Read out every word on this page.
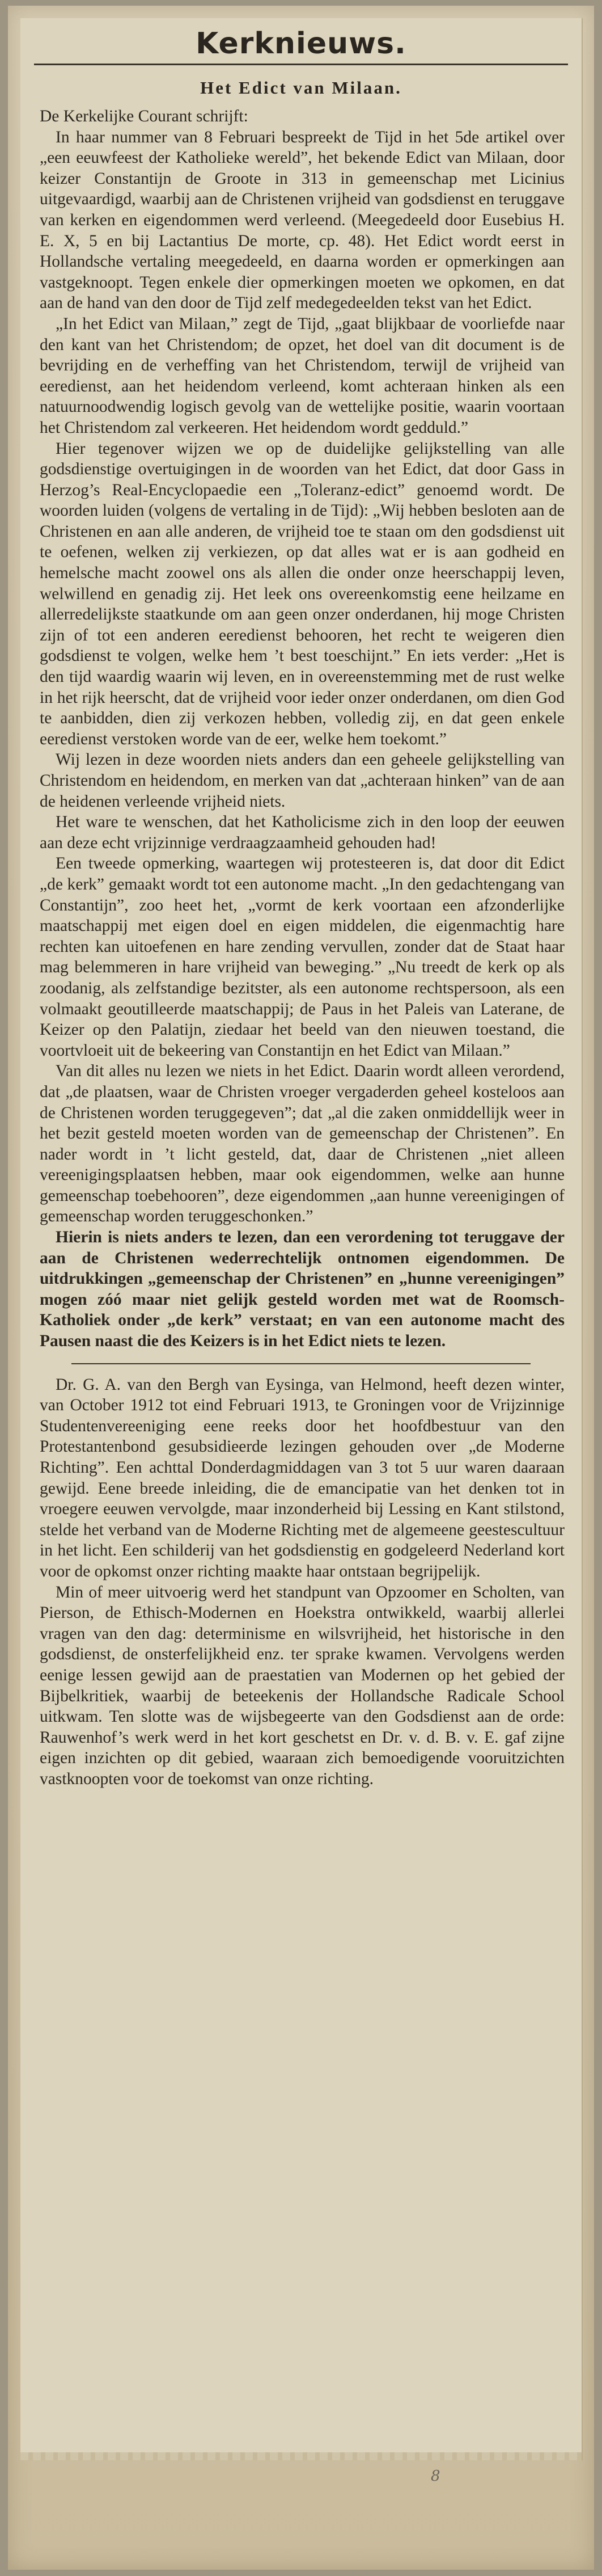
Kerknieuws.
Het Edict van Milaan.

De Kerkelijke Courant schrijft:

In haar nummer van 8 Februari bespreekt de Tijd in het 5de artikel over „een eeuwfeest der Katholieke wereld”, het bekende Edict van Milaan, door keizer Constantijn de Groote in 313 in gemeenschap met Licinius uitgevaardigd, waarbij aan de Christenen vrijheid van godsdienst en teruggave van kerken en eigendommen werd verleend. (Meegedeeld door Eusebius H. E. X, 5 en bij Lactantius De morte, cp. 48). Het Edict wordt eerst in Hollandsche vertaling meegedeeld, en daarna worden er opmerkingen aan vastgeknoopt. Tegen enkele dier opmerkingen moeten we opkomen, en dat aan de hand van den door de Tijd zelf medegedeelden tekst van het Edict.

„In het Edict van Milaan,” zegt de Tijd, „gaat blijkbaar de voorliefde naar den kant van het Christendom; de opzet, het doel van dit document is de bevrijding en de verheffing van het Christendom, terwijl de vrijheid van eeredienst, aan het heidendom verleend, komt achteraan hinken als een natuurnoodwendig logisch gevolg van de wettelijke positie, waarin voortaan het Christendom zal verkeeren. Het heidendom wordt gedduld.”

Hier tegenover wijzen we op de duidelijke gelijkstelling van alle godsdienstige overtuigingen in de woorden van het Edict, dat door Gass in Herzog’s Real-Encyclopaedie een „Toleranz-edict” genoemd wordt. De woorden luiden (volgens de vertaling in de Tijd): „Wij hebben besloten aan de Christenen en aan alle anderen, de vrijheid toe te staan om den godsdienst uit te oefenen, welken zij verkiezen, op dat alles wat er is aan godheid en hemelsche macht zoowel ons als allen die onder onze heerschappij leven, welwillend en genadig zij. Het leek ons overeenkomstig eene heilzame en allerredelijkste staatkunde om aan geen onzer onderdanen, hij moge Christen zijn of tot een anderen eeredienst behooren, het recht te weigeren dien godsdienst te volgen, welke hem ’t best toeschijnt.” En iets verder: „Het is den tijd waardig waarin wij leven, en in overeenstemming met de rust welke in het rijk heerscht, dat de vrijheid voor ieder onzer onderdanen, om dien God te aanbidden, dien zij verkozen hebben, volledig zij, en dat geen enkele eeredienst verstoken worde van de eer, welke hem toekomt.”

Wij lezen in deze woorden niets anders dan een geheele gelijkstelling van Christendom en heidendom, en merken van dat „achteraan hinken” van de aan de heidenen verleende vrijheid niets.

Het ware te wenschen, dat het Katholicisme zich in den loop der eeuwen aan deze echt vrijzinnige verdraagzaamheid gehouden had!

Een tweede opmerking, waartegen wij protesteeren is, dat door dit Edict „de kerk” gemaakt wordt tot een autonome macht. „In den gedachtengang van Constantijn”, zoo heet het, „vormt de kerk voortaan een afzonderlijke maatschappij met eigen doel en eigen middelen, die eigenmachtig hare rechten kan uitoefenen en hare zending vervullen, zonder dat de Staat haar mag belemmeren in hare vrijheid van beweging.” „Nu treedt de kerk op als zoodanig, als zelfstandige bezitster, als een autonome rechtspersoon, als een volmaakt geoutilleerde maatschappij; de Paus in het Paleis van Laterane, de Keizer op den Palatijn, ziedaar het beeld van den nieuwen toestand, die voortvloeit uit de bekeering van Constantijn en het Edict van Milaan.”

Van dit alles nu lezen we niets in het Edict. Daarin wordt alleen verordend, dat „de plaatsen, waar de Christen vroeger vergaderden geheel kosteloos aan de Christenen worden teruggegeven”; dat „al die zaken onmiddellijk weer in het bezit gesteld moeten worden van de gemeenschap der Christenen”. En nader wordt in ’t licht gesteld, dat, daar de Christenen „niet alleen vereenigingsplaatsen hebben, maar ook eigendommen, welke aan hunne gemeenschap toebehooren”, deze eigendommen „aan hunne vereenigingen of gemeenschap worden teruggeschonken.”

Hierin is niets anders te lezen, dan een verordening tot teruggave der aan de Christenen wederrechtelijk ontnomen eigendommen. De uitdrukkingen „gemeenschap der Christenen” en „hunne vereenigingen” mogen zóó maar niet gelijk gesteld worden met wat de Roomsch-Katholiek onder „de kerk” verstaat; en van een autonome macht des Pausen naast die des Keizers is in het Edict niets te lezen.

Dr. G. A. van den Bergh van Eysinga, van Helmond, heeft dezen winter, van October 1912 tot eind Februari 1913, te Groningen voor de Vrijzinnige Studentenvereeniging eene reeks door het hoofdbestuur van den Protestantenbond gesubsidieerde lezingen gehouden over „de Moderne Richting”. Een achttal Donderdagmiddagen van 3 tot 5 uur waren daaraan gewijd. Eene breede inleiding, die de emancipatie van het denken tot in vroegere eeuwen vervolgde, maar inzonderheid bij Lessing en Kant stilstond, stelde het verband van de Moderne Richting met de algemeene geestescultuur in het licht. Een schilderij van het godsdienstig en godgeleerd Nederland kort voor de opkomst onzer richting maakte haar ontstaan begrijpelijk.

Min of meer uitvoerig werd het standpunt van Opzoomer en Scholten, van Pierson, de Ethisch-Modernen en Hoekstra ontwikkeld, waarbij allerlei vragen van den dag: determinisme en wilsvrijheid, het historische in den godsdienst, de onsterfelijkheid enz. ter sprake kwamen. Vervolgens werden eenige lessen gewijd aan de praestatien van Modernen op het gebied der Bijbelkritiek, waarbij de beteekenis der Hollandsche Radicale School uitkwam. Ten slotte was de wijsbegeerte van den Godsdienst aan de orde: Rauwenhof’s werk werd in het kort geschetst en Dr. v. d. B. v. E. gaf zijne eigen inzichten op dit gebied, waaraan zich bemoedigende vooruitzichten vastknoopten voor de toekomst van onze richting.

8
